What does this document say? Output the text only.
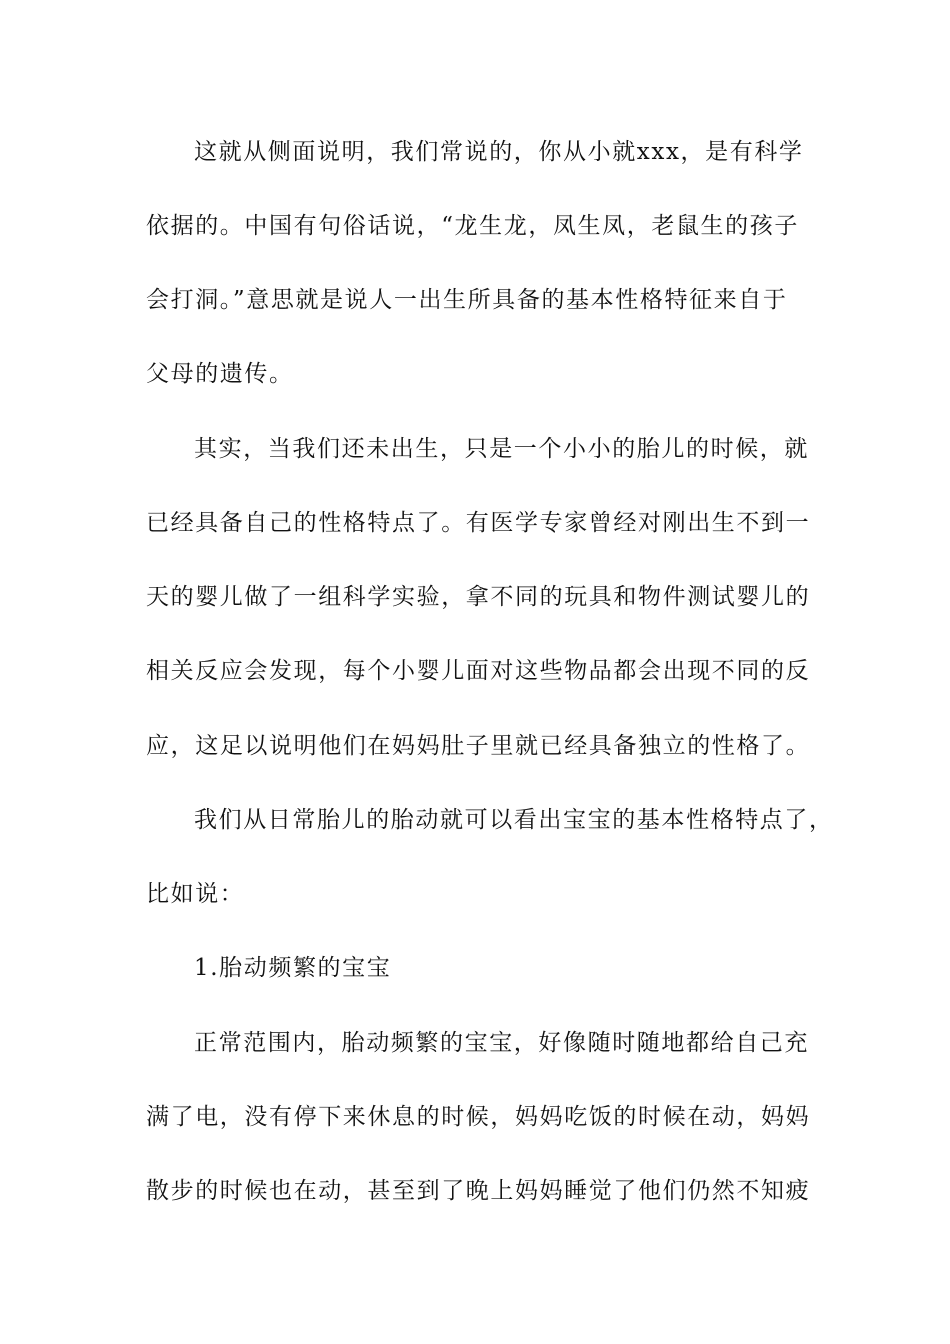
这就从侧面说明，我们常说的，你从小就xxx，是有科学
依据的。中国有句俗话说，“龙生龙，凤生凤，老鼠生的孩子
会打洞。”意思就是说人一出生所具备的基本性格特征来自于
父母的遗传。
其实，当我们还未出生，只是一个小小的胎儿的时候，就
已经具备自己的性格特点了。有医学专家曾经对刚出生不到一
天的婴儿做了一组科学实验，拿不同的玩具和物件测试婴儿的
相关反应会发现，每个小婴儿面对这些物品都会出现不同的反
应，这足以说明他们在妈妈肚子里就已经具备独立的性格了。
我们从日常胎儿的胎动就可以看出宝宝的基本性格特点了，
比如说：
1.胎动频繁的宝宝
正常范围内，胎动频繁的宝宝，好像随时随地都给自己充
满了电，没有停下来休息的时候，妈妈吃饭的时候在动，妈妈
散步的时候也在动，甚至到了晚上妈妈睡觉了他们仍然不知疲
